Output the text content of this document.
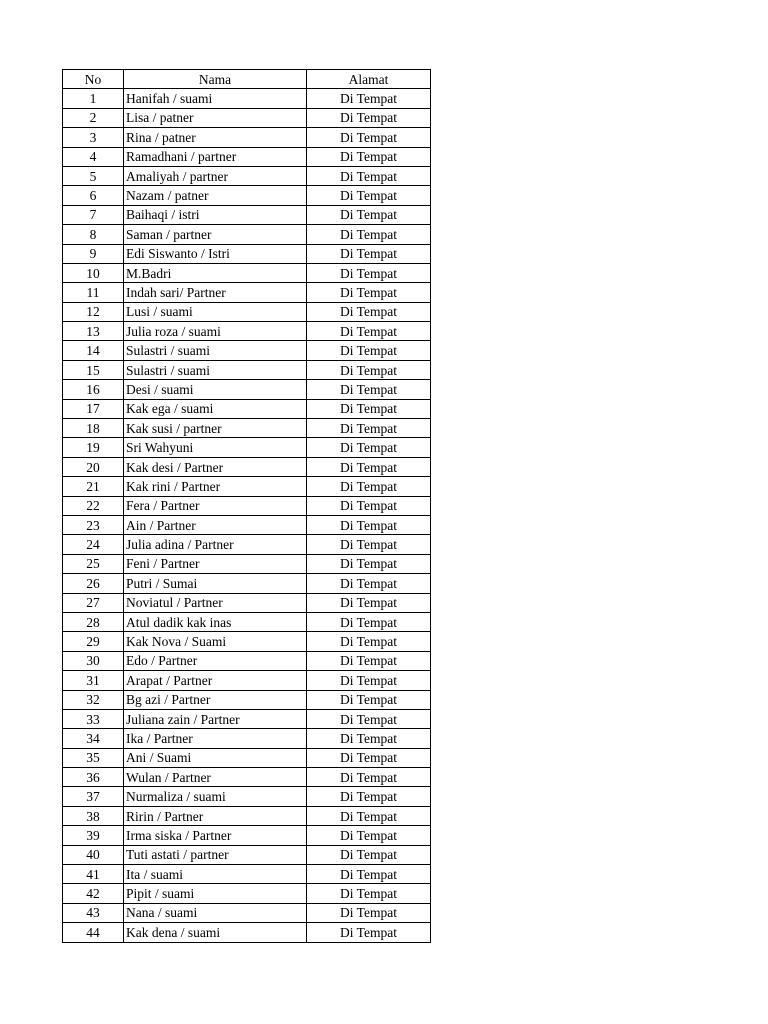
No	Nama	Alamat
1	Hanifah / suami	Di Tempat
2	Lisa / patner	Di Tempat
3	Rina / patner	Di Tempat
4	Ramadhani / partner	Di Tempat
5	Amaliyah / partner	Di Tempat
6	Nazam / patner	Di Tempat
7	Baihaqi / istri	Di Tempat
8	Saman / partner	Di Tempat
9	Edi Siswanto / Istri	Di Tempat
10	M.Badri	Di Tempat
11	Indah sari/ Partner	Di Tempat
12	Lusi / suami	Di Tempat
13	Julia roza / suami	Di Tempat
14	Sulastri / suami	Di Tempat
15	Sulastri / suami	Di Tempat
16	Desi / suami	Di Tempat
17	Kak ega / suami	Di Tempat
18	Kak susi / partner	Di Tempat
19	Sri Wahyuni	Di Tempat
20	Kak desi / Partner	Di Tempat
21	Kak rini / Partner	Di Tempat
22	Fera / Partner	Di Tempat
23	Ain / Partner	Di Tempat
24	Julia adina / Partner	Di Tempat
25	Feni / Partner	Di Tempat
26	Putri / Sumai	Di Tempat
27	Noviatul / Partner	Di Tempat
28	Atul dadik kak inas	Di Tempat
29	Kak Nova / Suami	Di Tempat
30	Edo / Partner	Di Tempat
31	Arapat / Partner	Di Tempat
32	Bg azi / Partner	Di Tempat
33	Juliana zain / Partner	Di Tempat
34	Ika / Partner	Di Tempat
35	Ani / Suami	Di Tempat
36	Wulan / Partner	Di Tempat
37	Nurmaliza / suami	Di Tempat
38	Ririn / Partner	Di Tempat
39	Irma siska / Partner	Di Tempat
40	Tuti astati / partner	Di Tempat
41	Ita / suami	Di Tempat
42	Pipit / suami	Di Tempat
43	Nana / suami	Di Tempat
44	Kak dena / suami	Di Tempat
